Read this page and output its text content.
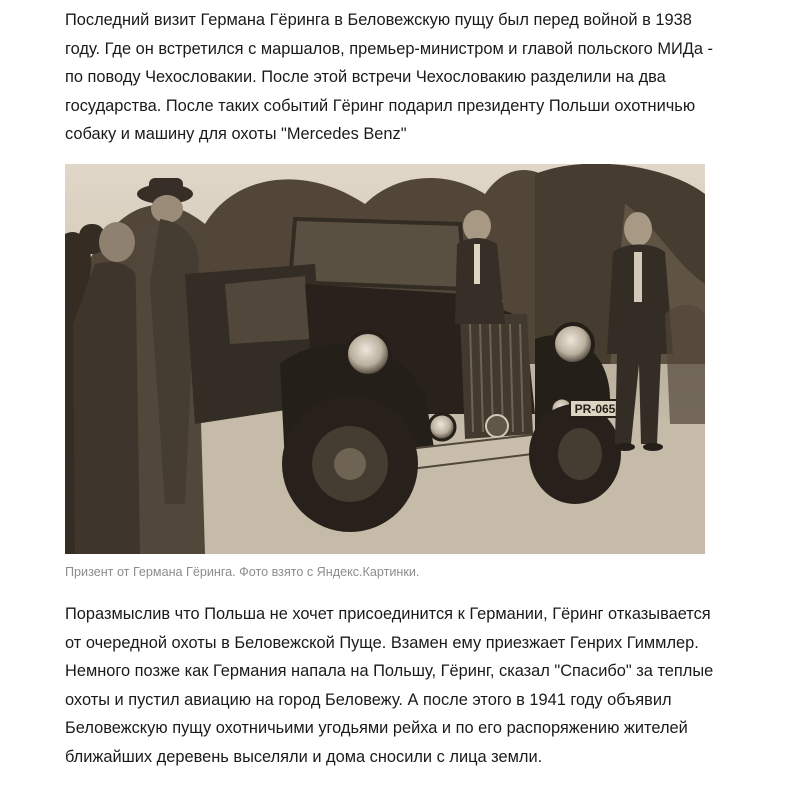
Последний визит Германа Гёринга в Беловежскую пущу был перед войной в 1938 году. Где он встретился с маршалов, премьер-министром и главой польского МИДа - по поводу Чехословакии. После этой встречи Чехословакию разделили на два государства. После таких событий Гёринг подарил президенту Польши охотничью собаку и машину для охоты "Mercedes Benz"

PR-065

Призент от Германа Гёринга. Фото взято с Яндекс.Картинки.

Поразмыслив что Польша не хочет присоединится к Германии, Гёринг отказывается от очередной охоты в Беловежской Пуще. Взамен ему приезжает Генрих Гиммлер. Немного позже как Германия напала на Польшу, Гёринг, сказал "Спасибо" за теплые охоты и пустил авиацию на город Беловежу. А после этого в 1941 году объявил Беловежскую пущу охотничьими угодьями рейха и по его распоряжению жителей ближайших деревень выселяли и дома сносили с лица земли.
